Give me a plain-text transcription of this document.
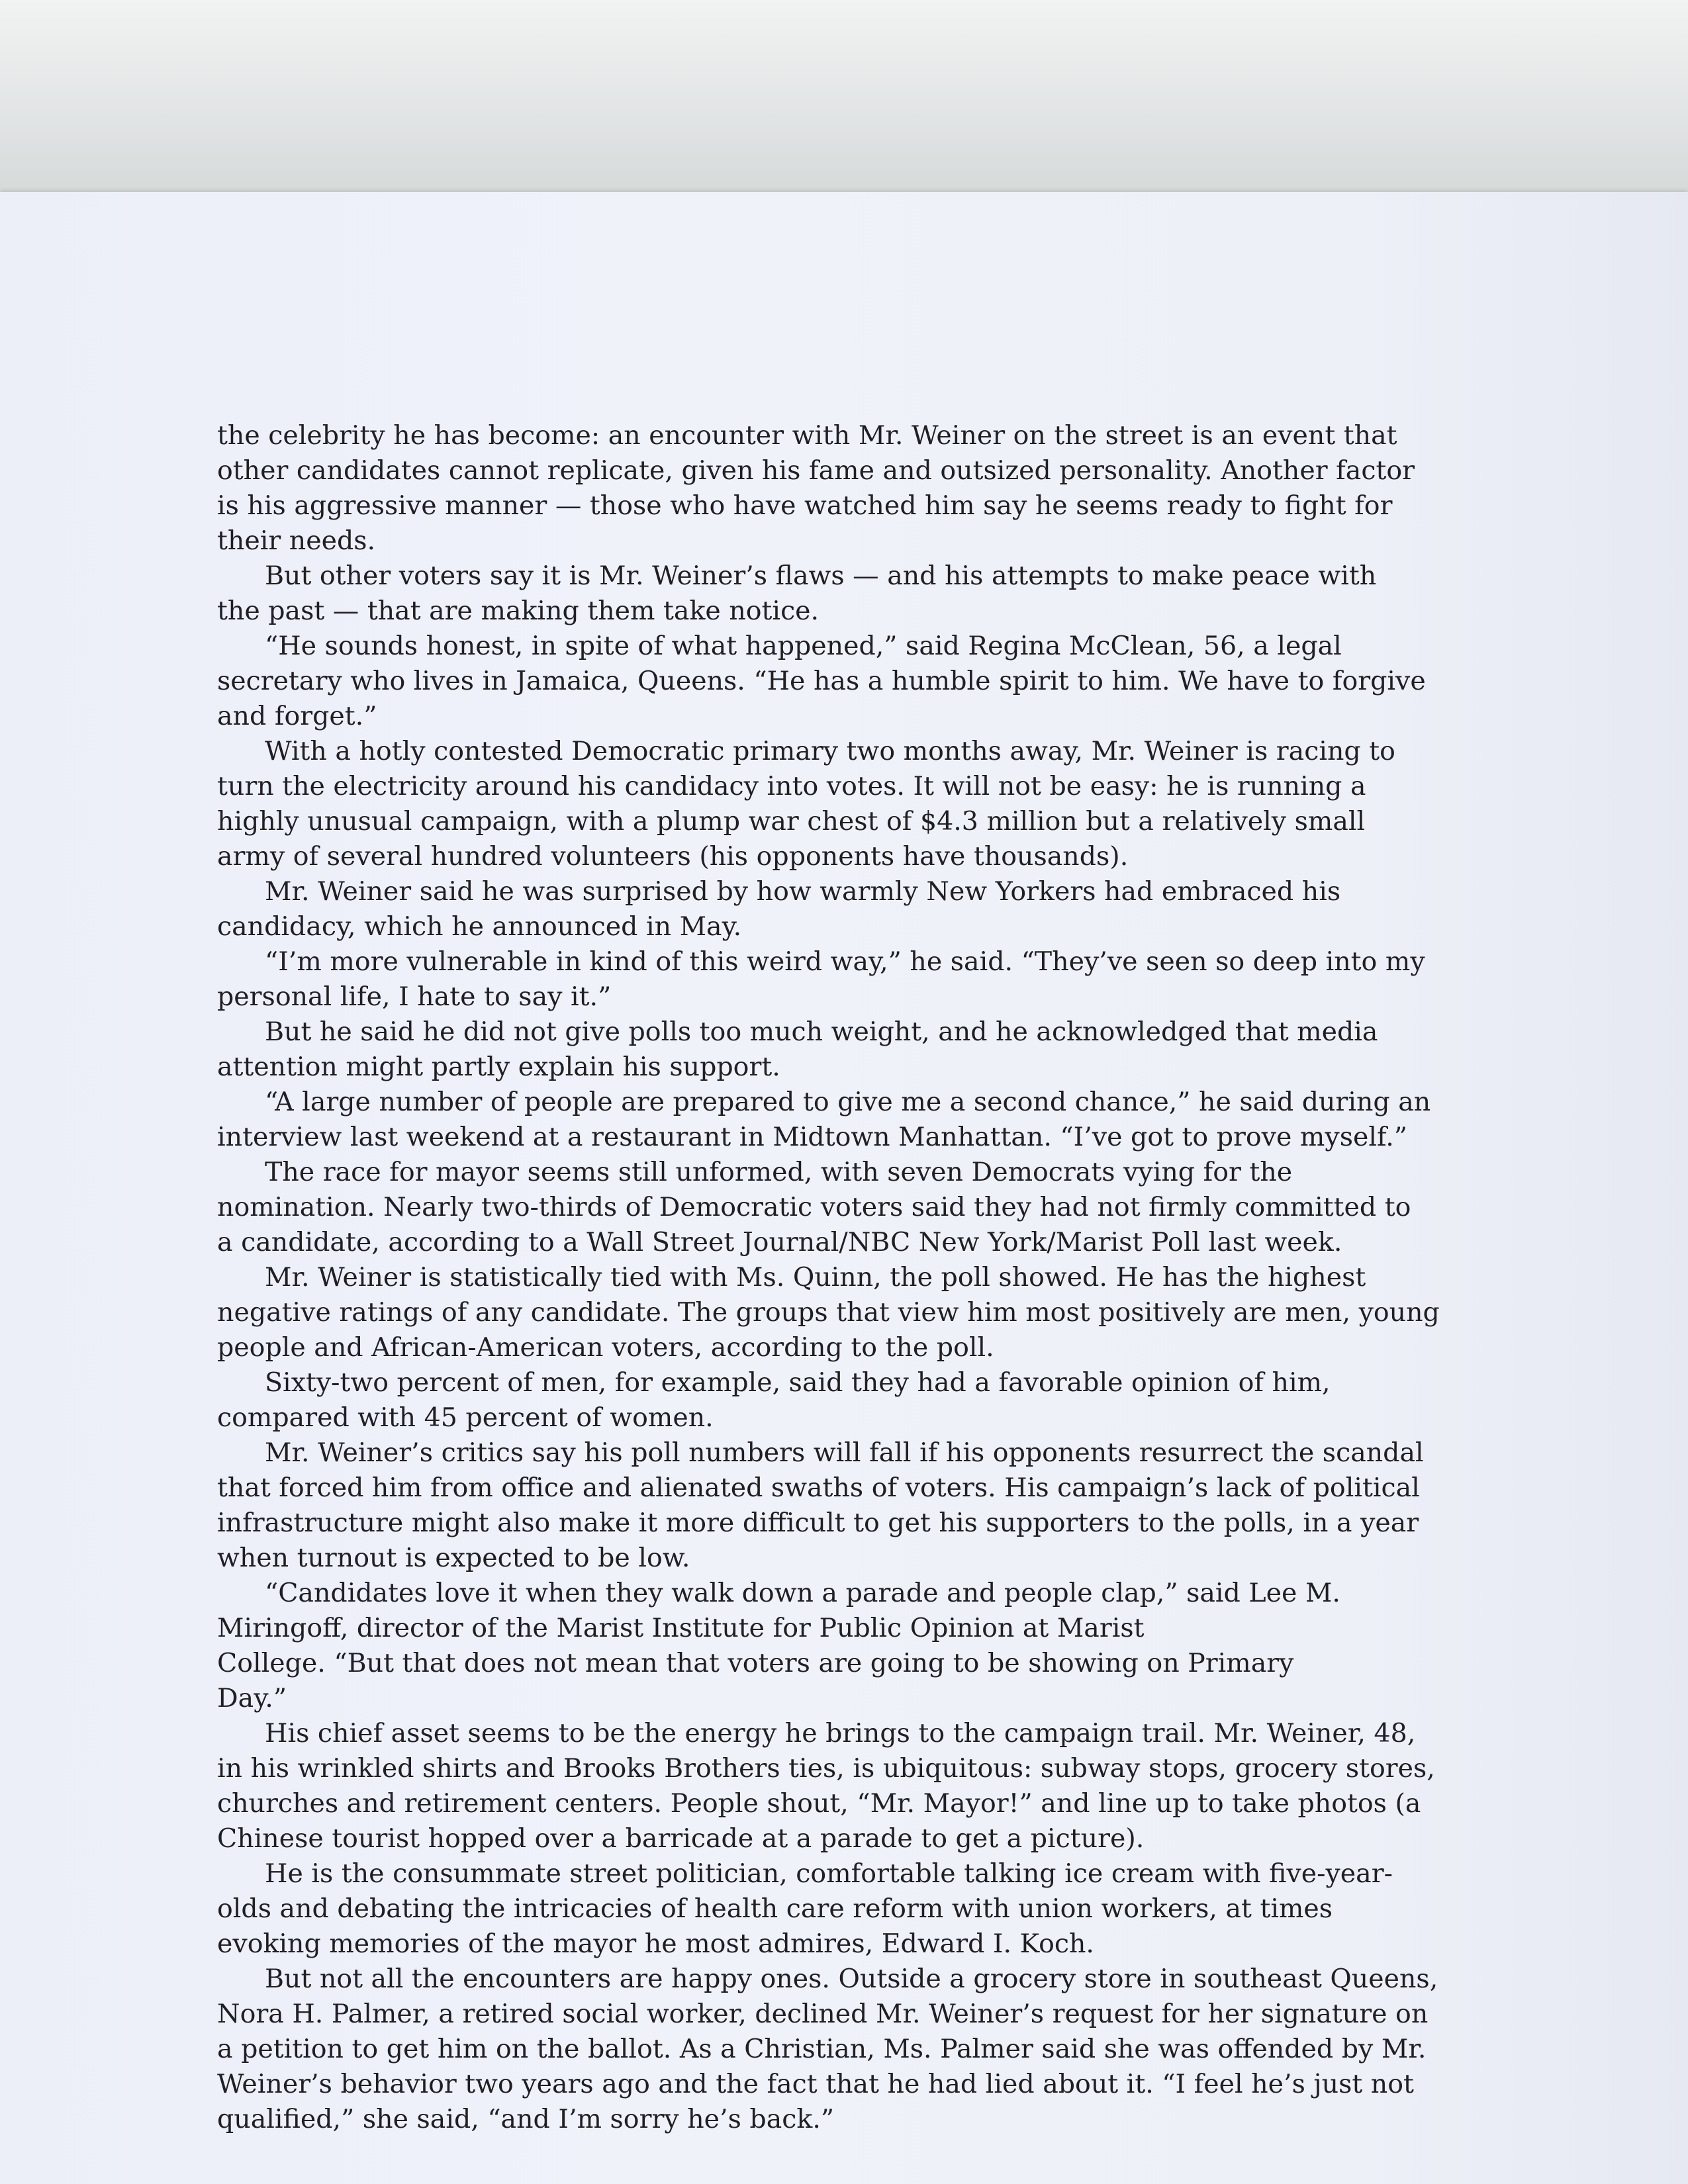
the celebrity he has become: an encounter with Mr. Weiner on the street is an event that
other candidates cannot replicate, given his fame and outsized personality. Another factor
is his aggressive manner — those who have watched him say he seems ready to fight for
their needs.

But other voters say it is Mr. Weiner’s flaws — and his attempts to make peace with
the past — that are making them take notice.

“He sounds honest, in spite of what happened,” said Regina McClean, 56, a legal
secretary who lives in Jamaica, Queens. “He has a humble spirit to him. We have to forgive
and forget.”

With a hotly contested Democratic primary two months away, Mr. Weiner is racing to
turn the electricity around his candidacy into votes. It will not be easy: he is running a
highly unusual campaign, with a plump war chest of $4.3 million but a relatively small
army of several hundred volunteers (his opponents have thousands).

Mr. Weiner said he was surprised by how warmly New Yorkers had embraced his
candidacy, which he announced in May.

“I’m more vulnerable in kind of this weird way,” he said. “They’ve seen so deep into my
personal life, I hate to say it.”

But he said he did not give polls too much weight, and he acknowledged that media
attention might partly explain his support.

“A large number of people are prepared to give me a second chance,” he said during an
interview last weekend at a restaurant in Midtown Manhattan. “I’ve got to prove myself.”

The race for mayor seems still unformed, with seven Democrats vying for the
nomination. Nearly two-thirds of Democratic voters said they had not firmly committed to
a candidate, according to a Wall Street Journal/NBC New York/Marist Poll last week.

Mr. Weiner is statistically tied with Ms. Quinn, the poll showed. He has the highest
negative ratings of any candidate. The groups that view him most positively are men, young
people and African-American voters, according to the poll.

Sixty-two percent of men, for example, said they had a favorable opinion of him,
compared with 45 percent of women.

Mr. Weiner’s critics say his poll numbers will fall if his opponents resurrect the scandal
that forced him from office and alienated swaths of voters. His campaign’s lack of political
infrastructure might also make it more difficult to get his supporters to the polls, in a year
when turnout is expected to be low.

“Candidates love it when they walk down a parade and people clap,” said Lee M.
Miringoff, director of the Marist Institute for Public Opinion at Marist
College. “But that does not mean that voters are going to be showing on Primary
Day.”

His chief asset seems to be the energy he brings to the campaign trail. Mr. Weiner, 48,
in his wrinkled shirts and Brooks Brothers ties, is ubiquitous: subway stops, grocery stores,
churches and retirement centers. People shout, “Mr. Mayor!” and line up to take photos (a
Chinese tourist hopped over a barricade at a parade to get a picture).

He is the consummate street politician, comfortable talking ice cream with five-year-
olds and debating the intricacies of health care reform with union workers, at times
evoking memories of the mayor he most admires, Edward I. Koch.

But not all the encounters are happy ones. Outside a grocery store in southeast Queens,
Nora H. Palmer, a retired social worker, declined Mr. Weiner’s request for her signature on
a petition to get him on the ballot. As a Christian, Ms. Palmer said she was offended by Mr.
Weiner’s behavior two years ago and the fact that he had lied about it. “I feel he’s just not
qualified,” she said, “and I’m sorry he’s back.”
